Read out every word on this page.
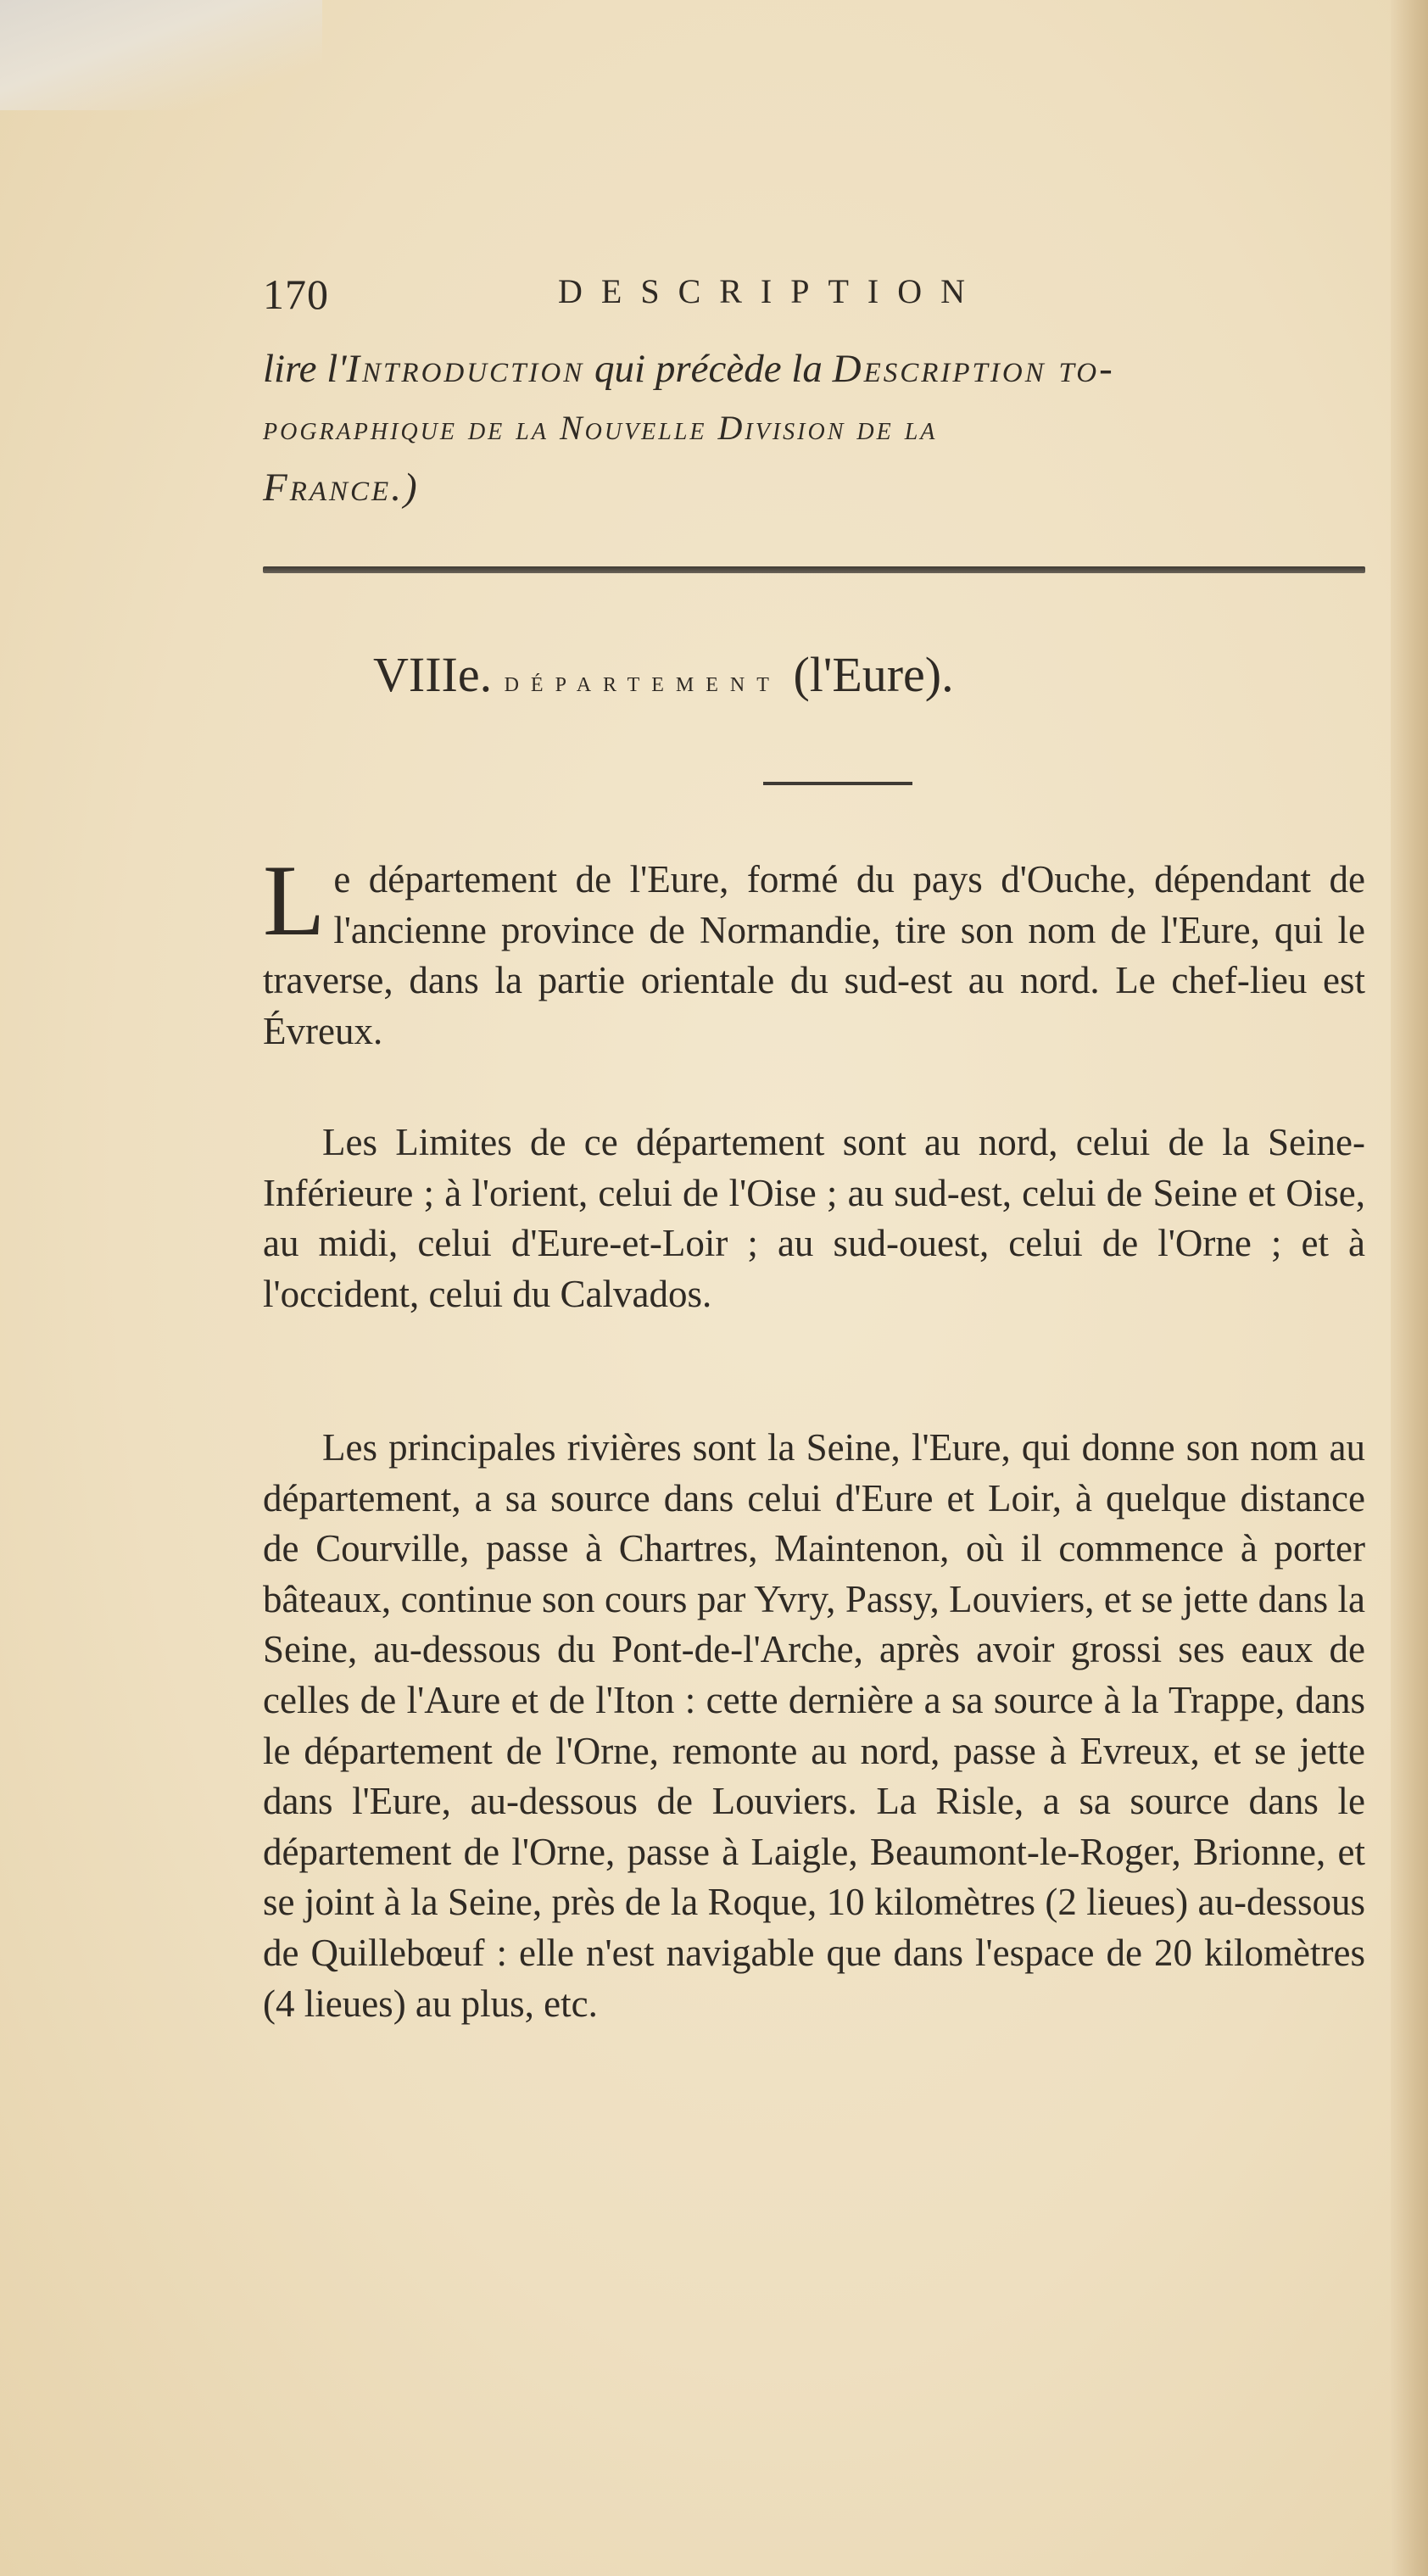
170	DESCRIPTION
lire l'Introduction qui précède la Description to-
pographique de la Nouvelle Division de la
France.)
VIIIe. département (l'Eure).
Le département de l'Eure, formé du pays d'Ouche, dépendant de l'ancienne province de Normandie, tire son nom de l'Eure, qui le traverse, dans la partie orientale du sud-est au nord. Le chef-lieu est Évreux.
Les Limites de ce département sont au nord, celui de la Seine-Inférieure ; à l'orient, celui de l'Oise ; au sud-est, celui de Seine et Oise, au midi, celui d'Eure-et-Loir ; au sud-ouest, celui de l'Orne ; et à l'occident, celui du Calvados.
Les principales rivières sont la Seine, l'Eure, qui donne son nom au département, a sa source dans celui d'Eure et Loir, à quelque distance de Courville, passe à Chartres, Maintenon, où il commence à porter bâteaux, continue son cours par Yvry, Passy, Louviers, et se jette dans la Seine, au-dessous du Pont-de-l'Arche, après avoir grossi ses eaux de celles de l'Aure et de l'Iton : cette dernière a sa source à la Trappe, dans le département de l'Orne, remonte au nord, passe à Evreux, et se jette dans l'Eure, au-dessous de Louviers. La Risle, a sa source dans le département de l'Orne, passe à Laigle, Beaumont-le-Roger, Brionne, et se joint à la Seine, près de la Roque, 10 kilomètres (2 lieues) au-dessous de Quillebœuf : elle n'est navigable que dans l'espace de 20 kilomètres (4 lieues) au plus, etc.
